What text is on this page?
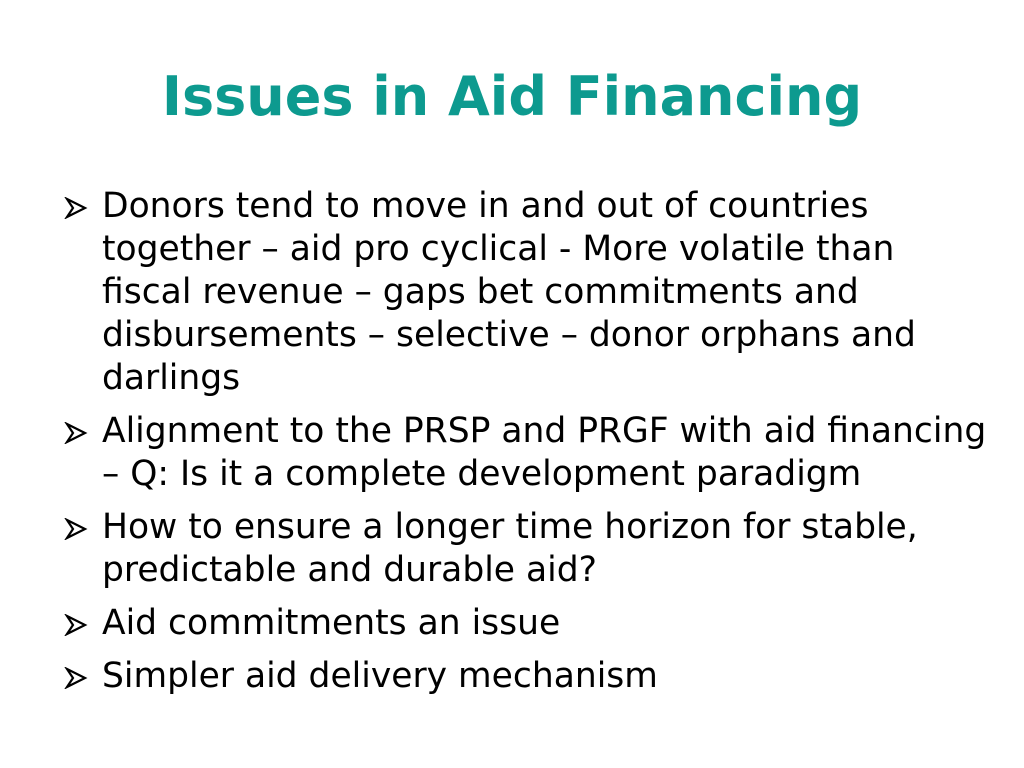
Issues in Aid Financing
Donors tend to move in and out of countries together – aid pro cyclical - More volatile than fiscal revenue – gaps bet commitments and disbursements – selective – donor orphans and darlings
Alignment to the PRSP and PRGF with aid financing – Q: Is it a complete development paradigm
How to ensure a longer time horizon for stable, predictable and durable aid?
Aid commitments an issue
Simpler aid delivery mechanism
